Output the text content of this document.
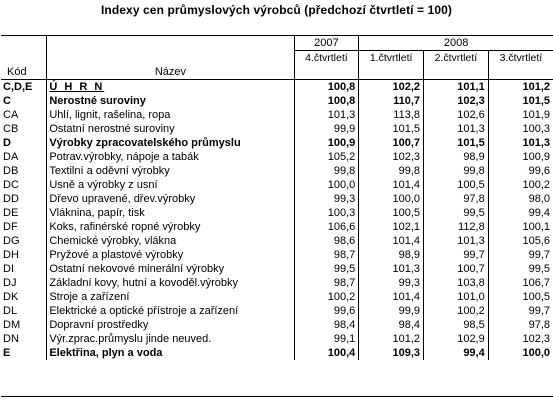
Indexy cen průmyslových výrobců (předchozí čtvrtletí = 100)
		2007	2008		
		4.čtvrtletí	1.čtvrtletí	2.čtvrtletí	3.čtvrtletí
Kód	Název				
C,D,E	Ú H R N	100,8	102,2	101,1	101,2
C	Nerostné suroviny	100,8	110,7	102,3	101,5
CA	Uhlí, lignit, rašelina, ropa	101,3	113,8	102,6	101,9
CB	Ostatní nerostné suroviny	99,9	101,5	101,3	100,3
D	Výrobky zpracovatelského průmyslu	100,9	100,7	101,5	101,3
DA	Potrav.výrobky, nápoje a tabák	105,2	102,3	98,9	100,9
DB	Textilní a oděvní výrobky	99,8	99,8	99,8	99,6
DC	Usně a výrobky z usní	100,0	101,4	100,5	100,2
DD	Dřevo upravené, dřev.výrobky	99,3	100,0	97,8	98,0
DE	Vláknina, papír, tisk	100,3	100,5	99,5	99,4
DF	Koks, rafinérské ropné výrobky	106,6	102,1	112,8	100,1
DG	Chemické výrobky, vlákna	98,6	101,4	101,3	105,6
DH	Pryžové a plastové výrobky	98,7	98,9	99,7	99,7
DI	Ostatní nekovové minerální výrobky	99,5	101,3	100,7	99,5
DJ	Základní kovy, hutní a kovoděl.výrobky	98,7	99,3	103,8	106,7
DK	Stroje a zařízení	100,2	101,4	101,0	100,5
DL	Elektrické a optické přístroje a zařízení	99,6	99,9	100,2	99,7
DM	Dopravní prostředky	98,4	98,4	98,5	97,8
DN	Výr.zprac.průmyslu jinde neuved.	99,1	101,2	102,9	102,3
E	Elektřina, plyn a voda	100,4	109,3	99,4	100,0
